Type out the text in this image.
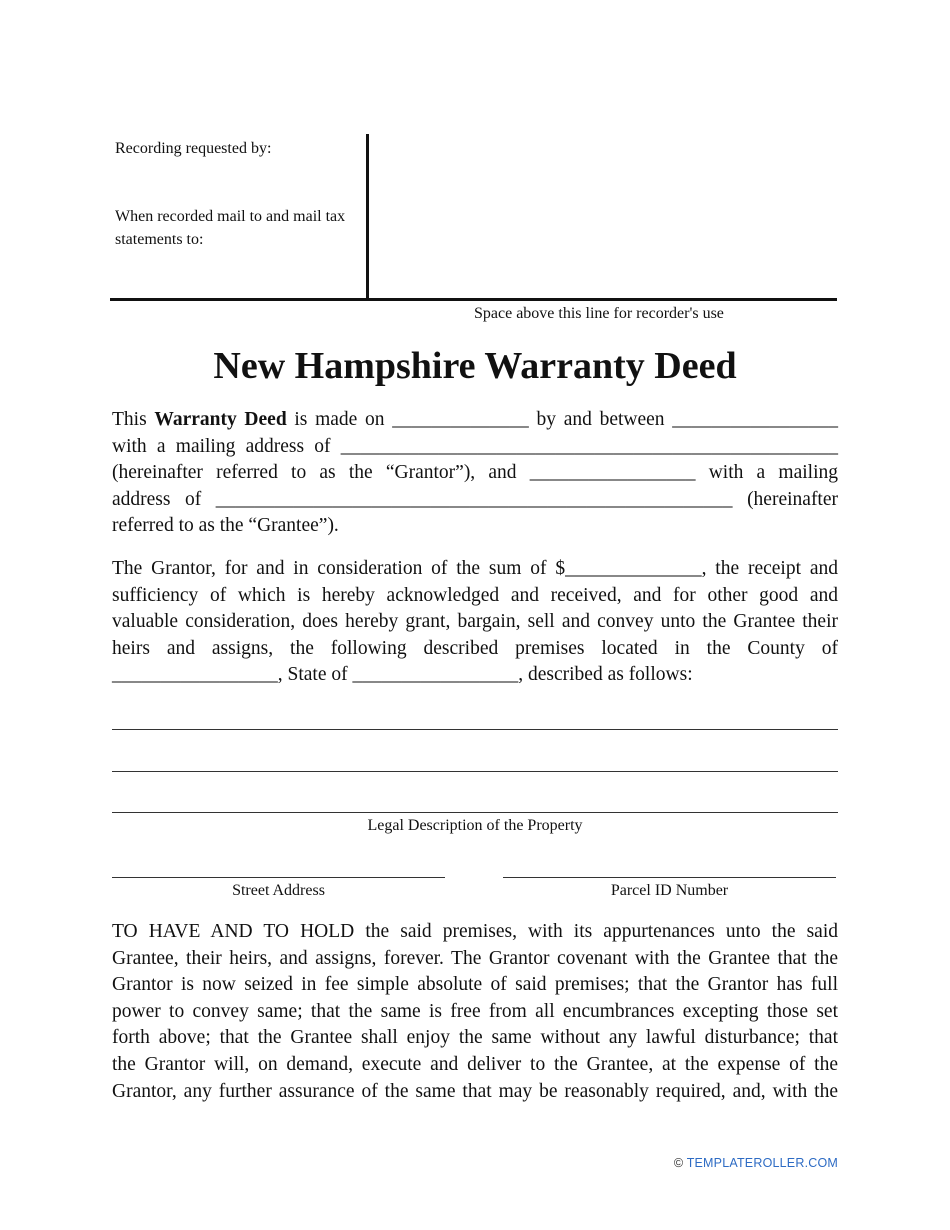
Recording requested by:
When recorded mail to and mail tax
statements to:
Space above this line for recorder's use
New Hampshire Warranty Deed
This Warranty Deed is made on ______________ by and between _________________
with a mailing address of ___________________________________________________
(hereinafter referred to as the “Grantor”), and _________________ with a mailing
address of _____________________________________________________ (hereinafter
referred to as the “Grantee”).
The Grantor, for and in consideration of the sum of $______________, the receipt and
sufficiency of which is hereby acknowledged and received, and for other good and
valuable consideration, does hereby grant, bargain, sell and convey unto the Grantee their
heirs and assigns, the following described premises located in the County of
_________________, State of _________________, described as follows:
Legal Description of the Property
Street Address	Parcel ID Number
TO HAVE AND TO HOLD the said premises, with its appurtenances unto the said
Grantee, their heirs, and assigns, forever. The Grantor covenant with the Grantee that the
Grantor is now seized in fee simple absolute of said premises; that the Grantor has full
power to convey same; that the same is free from all encumbrances excepting those set
forth above; that the Grantee shall enjoy the same without any lawful disturbance; that
the Grantor will, on demand, execute and deliver to the Grantee, at the expense of the
Grantor, any further assurance of the same that may be reasonably required, and, with the
© TEMPLATEROLLER.COM
